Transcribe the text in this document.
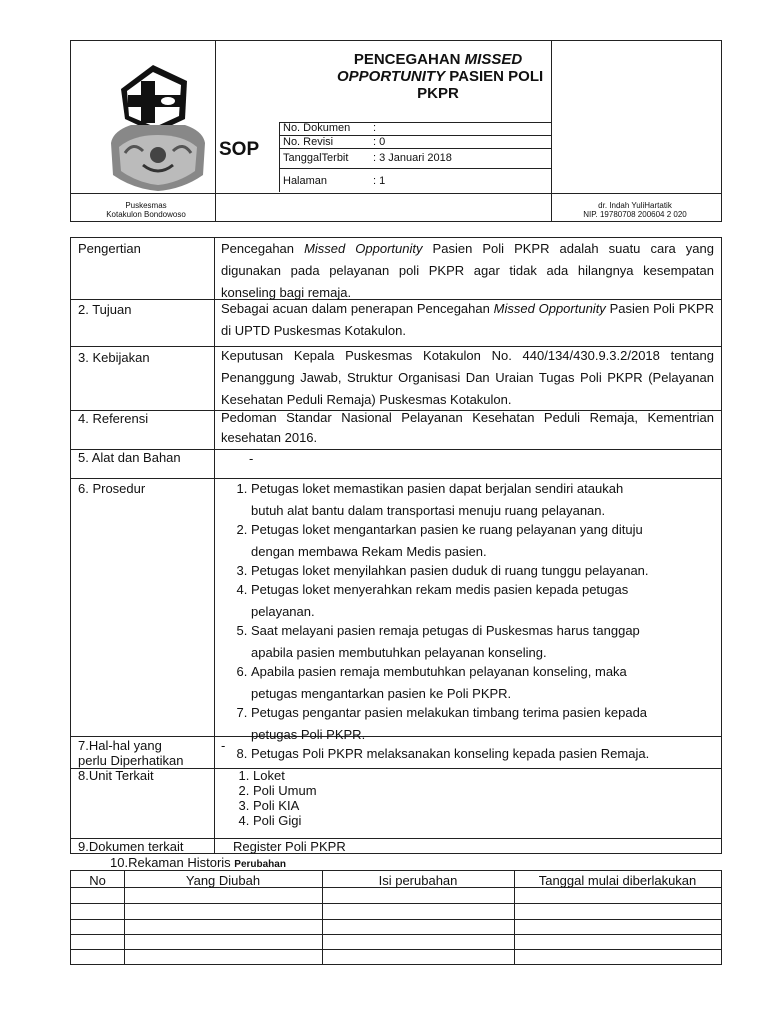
Puskesmas
Kotakulon Bondowoso
PENCEGAHAN MISSED
OPPORTUNITY PASIEN POLI
PKPR
SOP
No. Dokumen :
No. Revisi	: 0
TanggalTerbit : 3 Januari 2018
Halaman	: 1
dr. Indah YuliHartatik
NIP. 19780708 200604 2 020
Pengertian	Pencegahan Missed Opportunity Pasien Poli PKPR adalah suatu cara yang digunakan pada pelayanan poli PKPR agar tidak ada hilangnya kesempatan konseling bagi remaja.
2. Tujuan	Sebagai acuan dalam penerapan Pencegahan Missed Opportunity Pasien Poli PKPR di UPTD Puskesmas Kotakulon.
3. Kebijakan	Keputusan Kepala Puskesmas Kotakulon No. 440/134/430.9.3.2/2018 tentang Penanggung Jawab, Struktur Organisasi Dan Uraian Tugas Poli PKPR (Pelayanan Kesehatan Peduli Remaja) Puskesmas Kotakulon.
4. Referensi	Pedoman Standar Nasional Pelayanan Kesehatan Peduli Remaja, Kementrian kesehatan 2016.
5. Alat dan Bahan	-
6. Prosedur	1. Petugas loket memastikan pasien dapat berjalan sendiri ataukah
butuh alat bantu dalam transportasi menuju ruang pelayanan.
2. Petugas loket mengantarkan pasien ke ruang pelayanan yang dituju
dengan membawa Rekam Medis pasien.
3. Petugas loket menyilahkan pasien duduk di ruang tunggu pelayanan.
4. Petugas loket menyerahkan rekam medis pasien kepada petugas
pelayanan.
5. Saat melayani pasien remaja petugas di Puskesmas harus tanggap
apabila pasien membutuhkan pelayanan konseling.
6. Apabila pasien remaja membutuhkan pelayanan konseling, maka
petugas mengantarkan pasien ke Poli PKPR.
7. Petugas pengantar pasien melakukan timbang terima pasien kepada
petugas Poli PKPR.
8. Petugas Poli PKPR melaksanakan konseling kepada pasien Remaja.
7.Hal-hal yang
perlu Diperhatikan
-
8.Unit Terkait	1. Loket
2. Poli Umum
3. Poli KIA
4. Poli Gigi
9.Dokumen terkait	Register Poli PKPR
10.Rekaman Historis Perubahan
No	Yang Diubah	Isi perubahan	Tanggal mulai diberlakukan
